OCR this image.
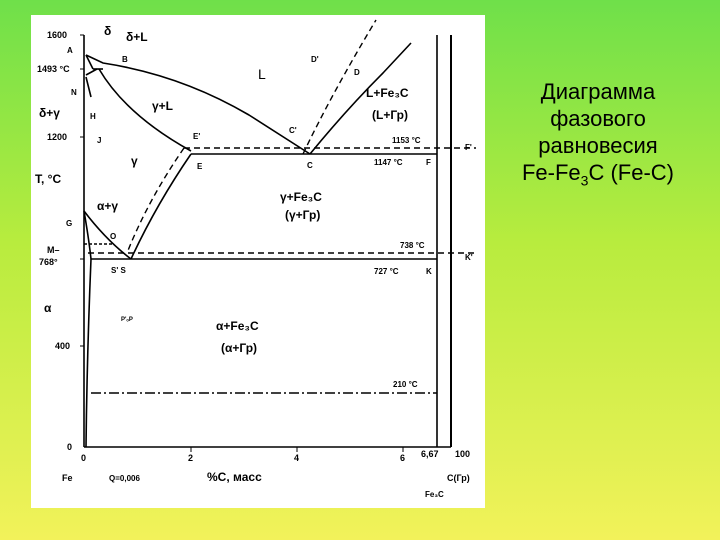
1600
1493 °C
1200
M–
768°
400
0
T, °C
0	2	4	6 6,67 100
Fe	Q=0,006	%C, масс	C(Гр)
Fe₃C
A
B
N
H
J
D'
D
C'
C
E'
E
F'
F
G
O
S' S
K'
K
P'ₒP
1153 °C
1147 °C
738 °C
727 °C
210 °C
δ δ+L
L
L+Fe₃C
(L+Гр)
δ+γ	γ+L
γ
γ+Fe₃C
(γ+Гр)
α+γ
α
α+Fe₃C
(α+Гр)
Диаграмма
фазового
равновесия
$Fe-Fe_3C$ (Fe-C)
